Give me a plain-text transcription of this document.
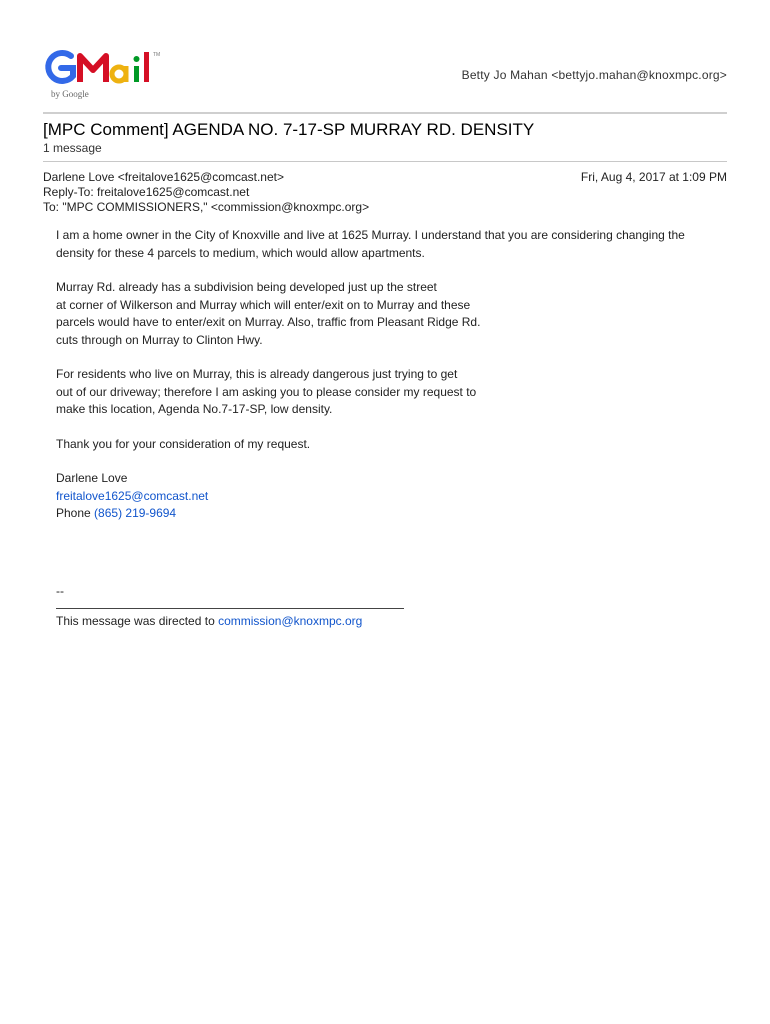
TM
by Google
Betty Jo Mahan <bettyjo.mahan@knoxmpc.org>
[MPC Comment] AGENDA NO. 7-17-SP MURRAY RD. DENSITY
1 message
Darlene Love <freitalove1625@comcast.net>
Reply-To: freitalove1625@comcast.net
To: "MPC COMMISSIONERS," <commission@knoxmpc.org>
Fri, Aug 4, 2017 at 1:09 PM

I am a home owner in the City of Knoxville and live at 1625 Murray. I understand that you are considering changing the
density for these 4 parcels to medium, which would allow apartments.

Murray Rd. already has a subdivision being developed just up the street
at corner of Wilkerson and Murray which will enter/exit on to Murray and these
parcels would have to enter/exit on Murray. Also, traffic from Pleasant Ridge Rd.
cuts through on Murray to Clinton Hwy.

For residents who live on Murray, this is already dangerous just trying to get
out of our driveway; therefore I am asking you to please consider my request to
make this location, Agenda No.7-17-SP, low density.

Thank you for your consideration of my request.

Darlene Love
freitalove1625@comcast.net
Phone (865) 219-9694

--
This message was directed to commission@knoxmpc.org
